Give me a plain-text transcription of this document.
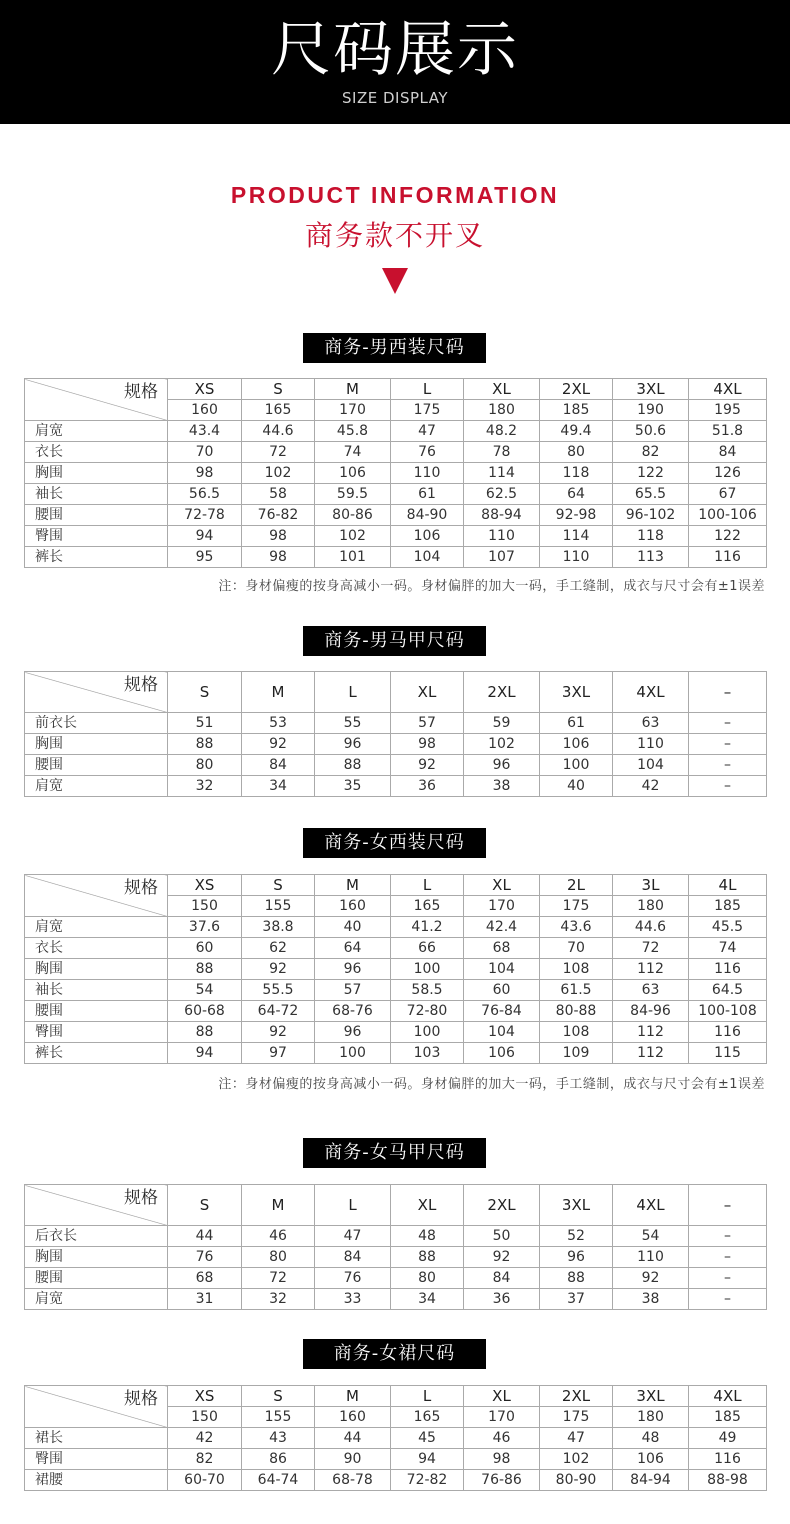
尺码展示
SIZE DISPLAY
PRODUCT INFORMATION
商务款不开叉
商务-男西装尺码
规格	XS	S	M	L	XL	2XL	3XL	4XL
	160	165	170	175	180	185	190	195
肩宽	43.4	44.6	45.8	47	48.2	49.4	50.6	51.8
衣长	70	72	74	76	78	80	82	84
胸围	98	102	106	110	114	118	122	126
袖长	56.5	58	59.5	61	62.5	64	65.5	67
腰围	72-78	76-82	80-86	84-90	88-94	92-98	96-102	100-106
臀围	94	98	102	106	110	114	118	122
裤长	95	98	101	104	107	110	113	116
注：身材偏瘦的按身高减小一码。身材偏胖的加大一码，手工缝制，成衣与尺寸会有±1误差
商务-男马甲尺码
规格	S	M	L	XL	2XL	3XL	4XL	–
前衣长	51	53	55	57	59	61	63	–
胸围	88	92	96	98	102	106	110	–
腰围	80	84	88	92	96	100	104	–
肩宽	32	34	35	36	38	40	42	–
商务-女西装尺码
规格	XS	S	M	L	XL	2L	3L	4L
	150	155	160	165	170	175	180	185
肩宽	37.6	38.8	40	41.2	42.4	43.6	44.6	45.5
衣长	60	62	64	66	68	70	72	74
胸围	88	92	96	100	104	108	112	116
袖长	54	55.5	57	58.5	60	61.5	63	64.5
腰围	60-68	64-72	68-76	72-80	76-84	80-88	84-96	100-108
臀围	88	92	96	100	104	108	112	116
裤长	94	97	100	103	106	109	112	115
注：身材偏瘦的按身高减小一码。身材偏胖的加大一码，手工缝制，成衣与尺寸会有±1误差
商务-女马甲尺码
规格	S	M	L	XL	2XL	3XL	4XL	–
后衣长	44	46	47	48	50	52	54	–
胸围	76	80	84	88	92	96	110	–
腰围	68	72	76	80	84	88	92	–
肩宽	31	32	33	34	36	37	38	–
商务-女裙尺码
规格	XS	S	M	L	XL	2XL	3XL	4XL
	150	155	160	165	170	175	180	185
裙长	42	43	44	45	46	47	48	49
臀围	82	86	90	94	98	102	106	116
裙腰	60-70	64-74	68-78	72-82	76-86	80-90	84-94	88-98
